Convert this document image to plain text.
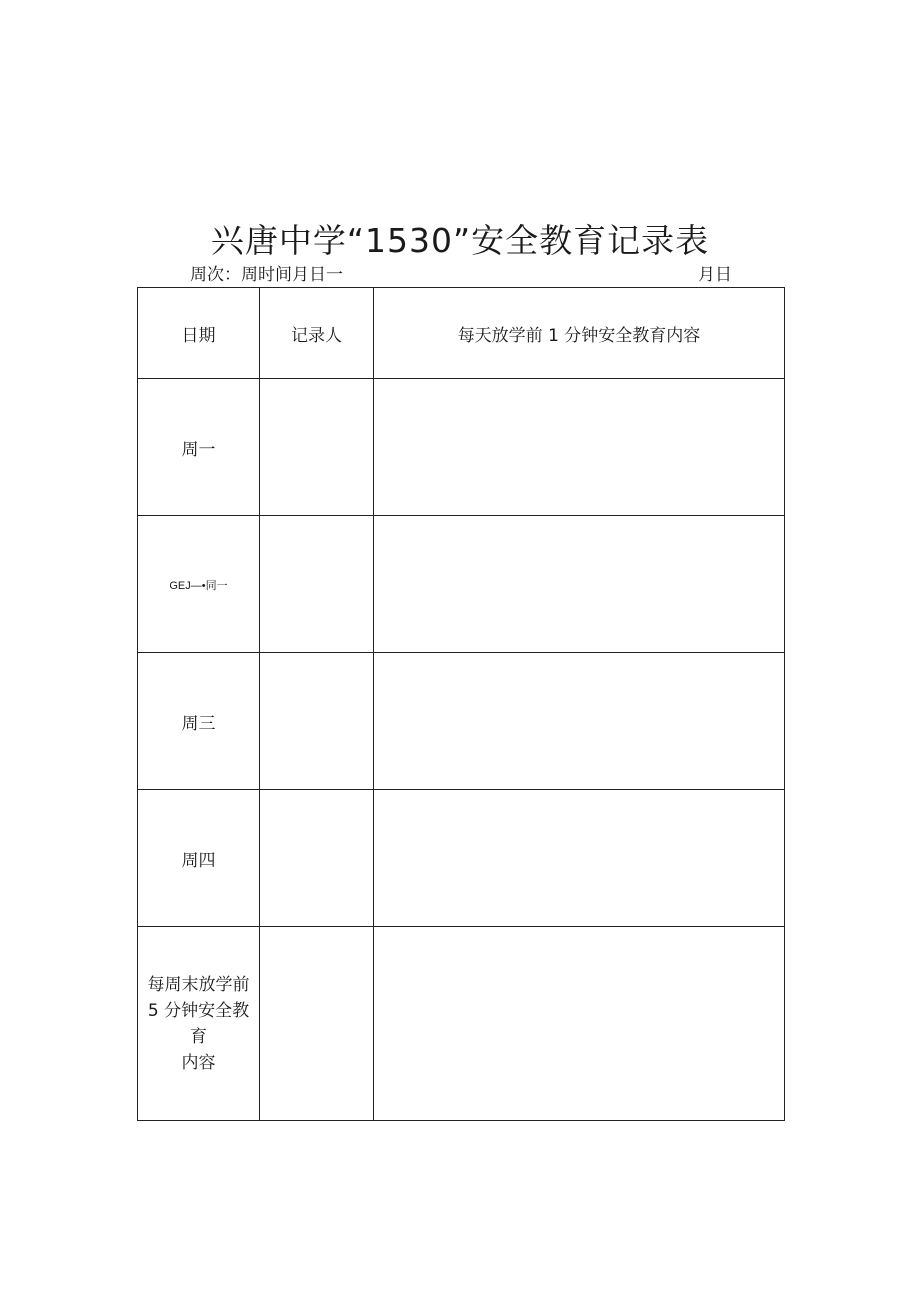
兴唐中学“1530”安全教育记录表
周次：周时间月日一	月日
日期	记录人	每天放学前 1 分钟安全教育内容
周一		
GEJ—•同一		
周三		
周四		
每周末放学前
5 分钟安全教育
内容		
